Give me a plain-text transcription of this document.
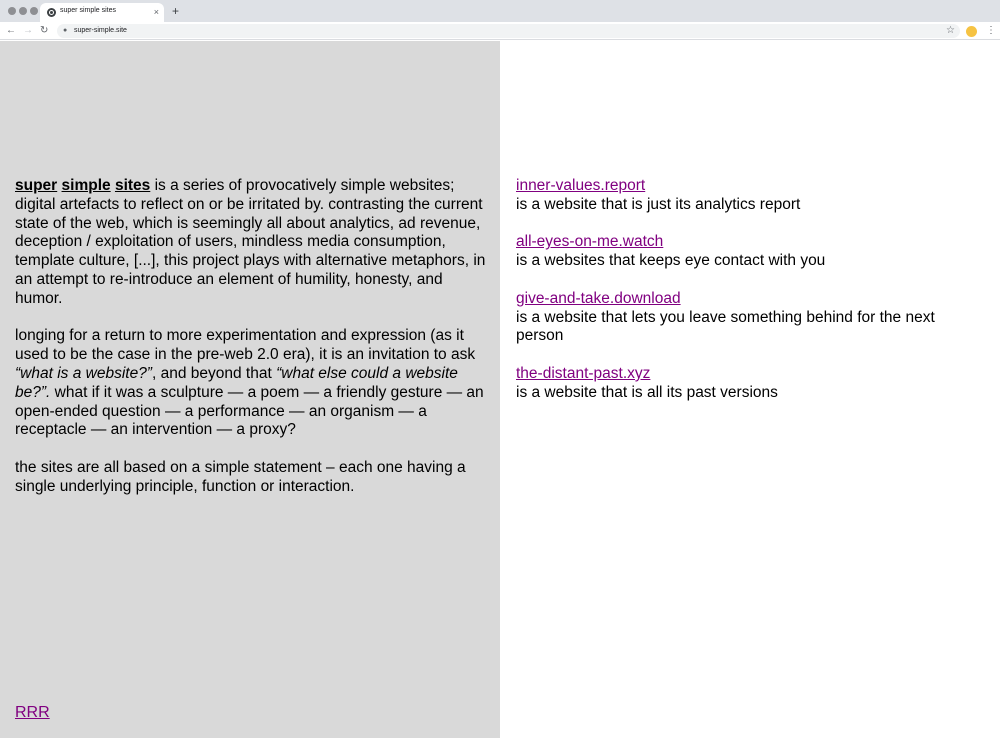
super simple sites	× +
← → ↻ ● super-simple.site	☆	⋮

super simple sites is a series of provocatively simple websites; digital artefacts to reflect on or be irritated by. contrasting the current state of the web, which is seemingly all about analytics, ad revenue, deception / exploitation of users, mindless media consumption, template culture, [...], this project plays with alternative metaphors, in an attempt to re-introduce an element of humility, honesty, and humor.

longing for a return to more experimentation and expression (as it used to be the case in the pre-web 2.0 era), it is an invitation to ask “what is a website?”, and beyond that “what else could a website be?”. what if it was a sculpture — a poem — a friendly gesture — an open-ended question — a performance — an organism — a receptacle — an intervention — a proxy?

the sites are all based on a simple statement – each one having a single underlying principle, function or interaction.

RRR
inner-values.report
is a website that is just its analytics report
all-eyes-on-me.watch
is a websites that keeps eye contact with you
give-and-take.download
is a website that lets you leave something behind for the next person
the-distant-past.xyz
is a website that is all its past versions
